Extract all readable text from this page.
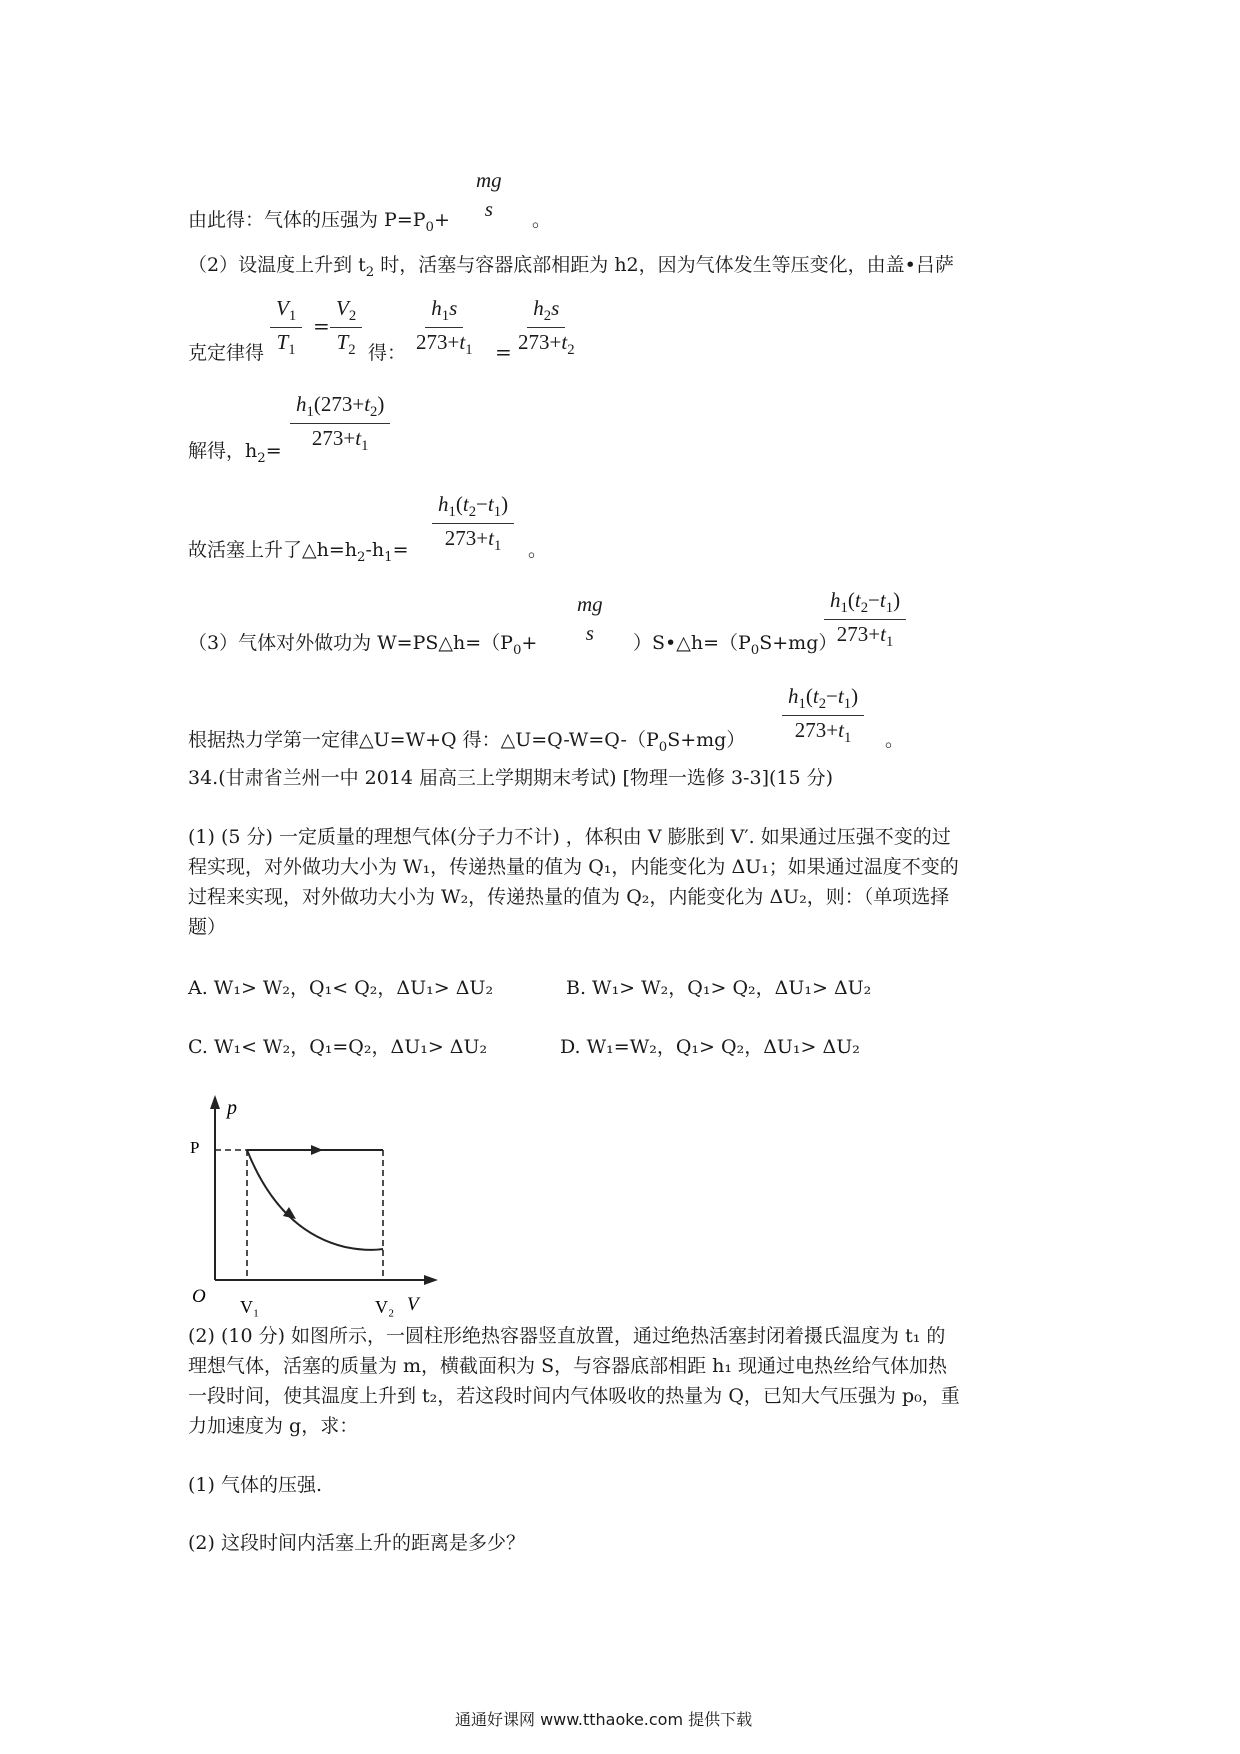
mg
s
由此得：气体的压强为 $P=P_0+$	。
（2）设温度上升到 $t_2$ 时，活塞与容器底部相距为 h2，因为气体发生等压变化，由盖•吕萨
$\frac{V_1}{T_1} = \frac{V_2}{T_2} \frac{h_1s}{273+t_1} = \frac{h_2s}{273+t_2}$
克定律得	得：
$\frac{h_1(273+t_2)}{273+t_1}$
解得，$h_2=$
$\frac{h_1(t_2-t_1)}{273+t_1}$
故活塞上升了$\triangle h=h_2-h_1=$	。
mg
s	$\frac{h_1(t_2-t_1)}{273+t_1}$
（3）气体对外做功为 $W=PS\triangle h=(P_0+$	）$S•\triangle h=(P_0S+mg)$
$\frac{h_1(t_2-t_1)}{273+t_1}$
根据热力学第一定律△U=W+Q 得：$\triangle U=Q-W=Q-(P_0S+mg)$	。
34.(甘肃省兰州一中 2014 届高三上学期期末考试) [物理一选修 3-3](15 分)
(1) (5 分) 一定质量的理想气体(分子力不计) ，体积由 V 膨胀到 V′. 如果通过压强不变的过
程实现，对外做功大小为 W₁，传递热量的值为 Q₁，内能变化为 ΔU₁；如果通过温度不变的
过程来实现，对外做功大小为 W₂，传递热量的值为 Q₂，内能变化为 ΔU₂，则：（单项选择
题）
A. W₁> W₂，Q₁< Q₂，ΔU₁> ΔU₂	B. W₁> W₂，Q₁> Q₂，ΔU₁> ΔU₂
C. W₁< W₂，Q₁=Q₂，ΔU₁> ΔU₂	D. W₁=W₂，Q₁> Q₂，ΔU₁> ΔU₂
p
P
O V₁	V₂ V
(2) (10 分) 如图所示，一圆柱形绝热容器竖直放置，通过绝热活塞封闭着摄氏温度为 t₁ 的
理想气体，活塞的质量为 m，横截面积为 S，与容器底部相距 h₁ 现通过电热丝给气体加热
一段时间，使其温度上升到 t₂，若这段时间内气体吸收的热量为 Q，已知大气压强为 p₀，重
力加速度为 g，求：
(1) 气体的压强.
(2) 这段时间内活塞上升的距离是多少？
通通好课网 www.tthaoke.com 提供下载
